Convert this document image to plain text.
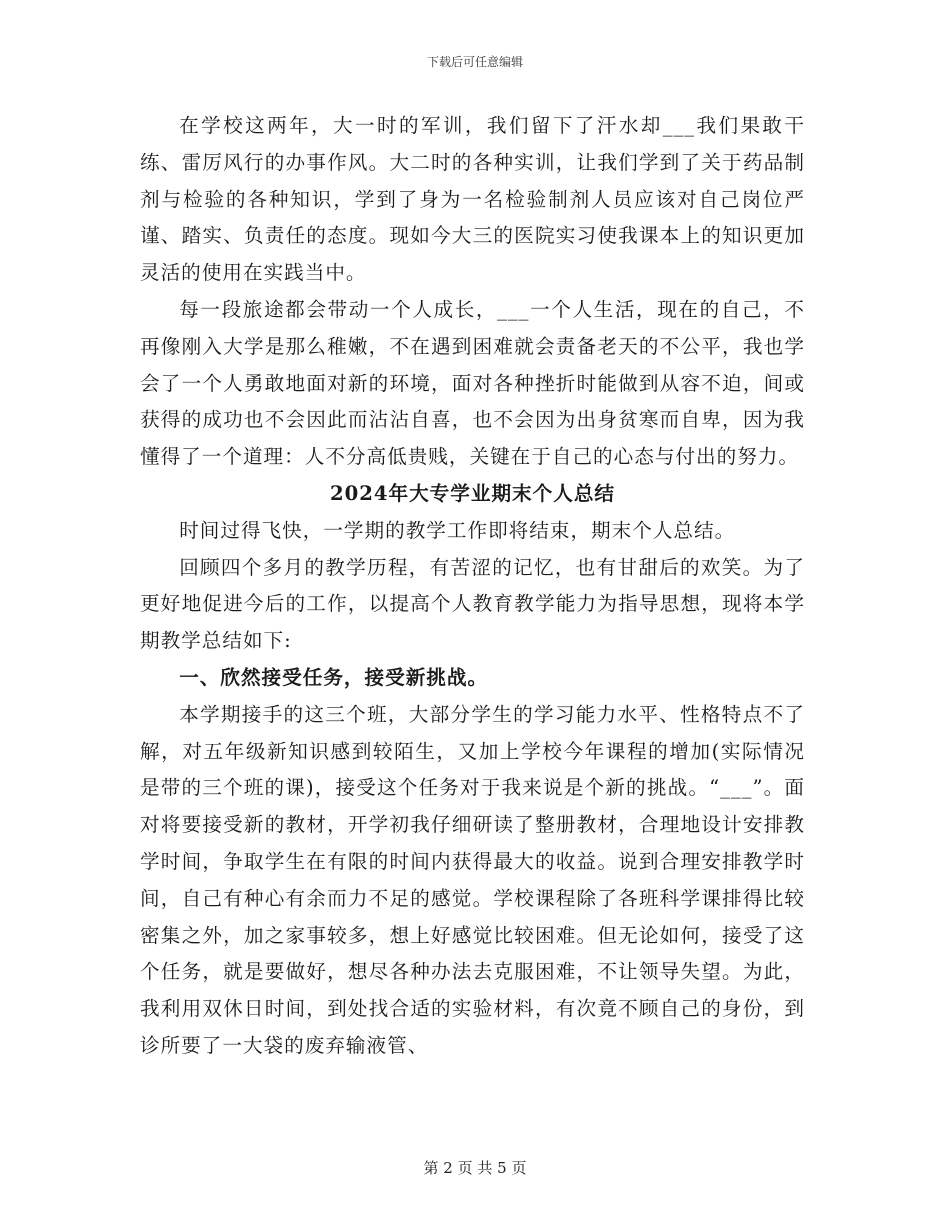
下载后可任意编辑

在学校这两年，大一时的军训，我们留下了汗水却___我们果敢干练、雷厉风行的办事作风。大二时的各种实训，让我们学到了关于药品制剂与检验的各种知识，学到了身为一名检验制剂人员应该对自己岗位严谨、踏实、负责任的态度。现如今大三的医院实习使我课本上的知识更加灵活的使用在实践当中。

每一段旅途都会带动一个人成长，___一个人生活，现在的自己，不再像刚入大学是那么稚嫩，不在遇到困难就会责备老天的不公平，我也学会了一个人勇敢地面对新的环境，面对各种挫折时能做到从容不迫，间或获得的成功也不会因此而沾沾自喜，也不会因为出身贫寒而自卑，因为我懂得了一个道理：人不分高低贵贱，关键在于自己的心态与付出的努力。

2024年大专学业期末个人总结

时间过得飞快，一学期的教学工作即将结束，期末个人总结。

回顾四个多月的教学历程，有苦涩的记忆，也有甘甜后的欢笑。为了更好地促进今后的工作，以提高个人教育教学能力为指导思想，现将本学期教学总结如下:

一、欣然接受任务，接受新挑战。

本学期接手的这三个班，大部分学生的学习能力水平、性格特点不了解，对五年级新知识感到较陌生，又加上学校今年课程的增加(实际情况是带的三个班的课)，接受这个任务对于我来说是个新的挑战。“___”。面对将要接受新的教材，开学初我仔细研读了整册教材，合理地设计安排教学时间，争取学生在有限的时间内获得最大的收益。说到合理安排教学时间，自己有种心有余而力不足的感觉。学校课程除了各班科学课排得比较密集之外，加之家事较多，想上好感觉比较困难。但无论如何，接受了这个任务，就是要做好，想尽各种办法去克服困难，不让领导失望。为此，我利用双休日时间，到处找合适的实验材料，有次竟不顾自己的身份，到诊所要了一大袋的废弃输液管、

第 2 页 共 5 页
